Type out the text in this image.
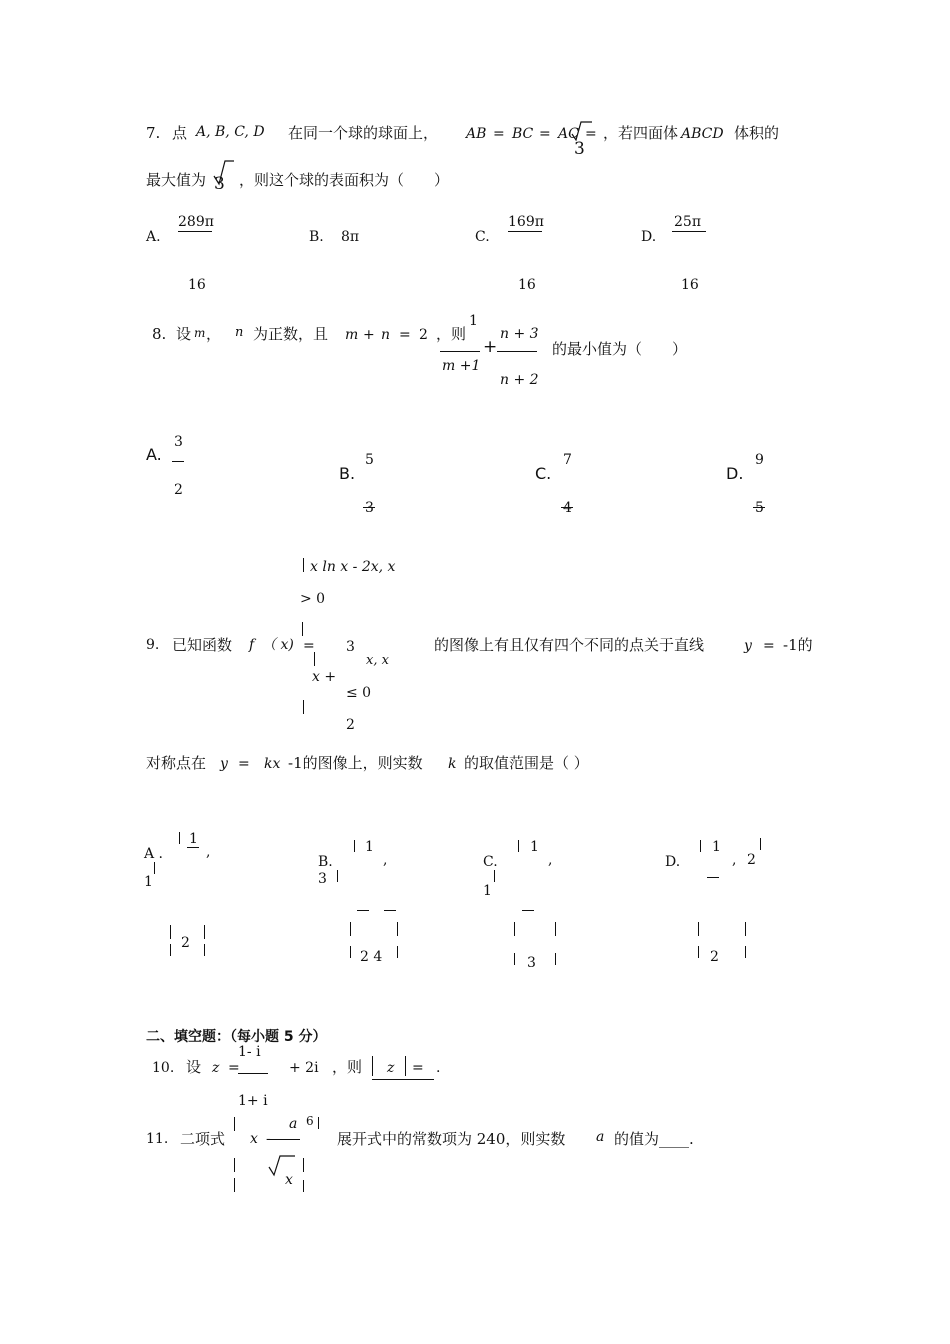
7. 点 A, B, C, D 在同一个球的球面上， AB = BC = AC =
3
，若四面体 ABCD 体积的
最大值为 3 ，则这个球的表面积为（　　）
A.
289π
16
B. 8π	C.
169π
16
D.
25π
16
8. 设 m ， n 为正数，且 m + n = 2 ，则
1
m +1
+
n + 3
n + 2
的最小值为（　　）
A.
3
2
B.
5
3
C.
7
4
D.
9
5
x ln x - 2x, x
> 0
9. 已知函数 f （ x) = 3
x, x
x +
≤ 0
2
的图像上有且仅有四个不同的点关于直线	y = -1的
对称点在 y = kx -1的图像上，则实数 k 的取值范围是（ ）
A .
1
,
1
2
B.
1
,
3
2 4
C.
1
,
1
3
D.
1
, 2
2
二、填空题：（每小题 5 分）
10. 设 z =
1- i
1+ i
+ 2i ，则 z = .
11. 二项式 x -
a 6
x
展开式中的常数项为 240，则实数 a 的值为____.
